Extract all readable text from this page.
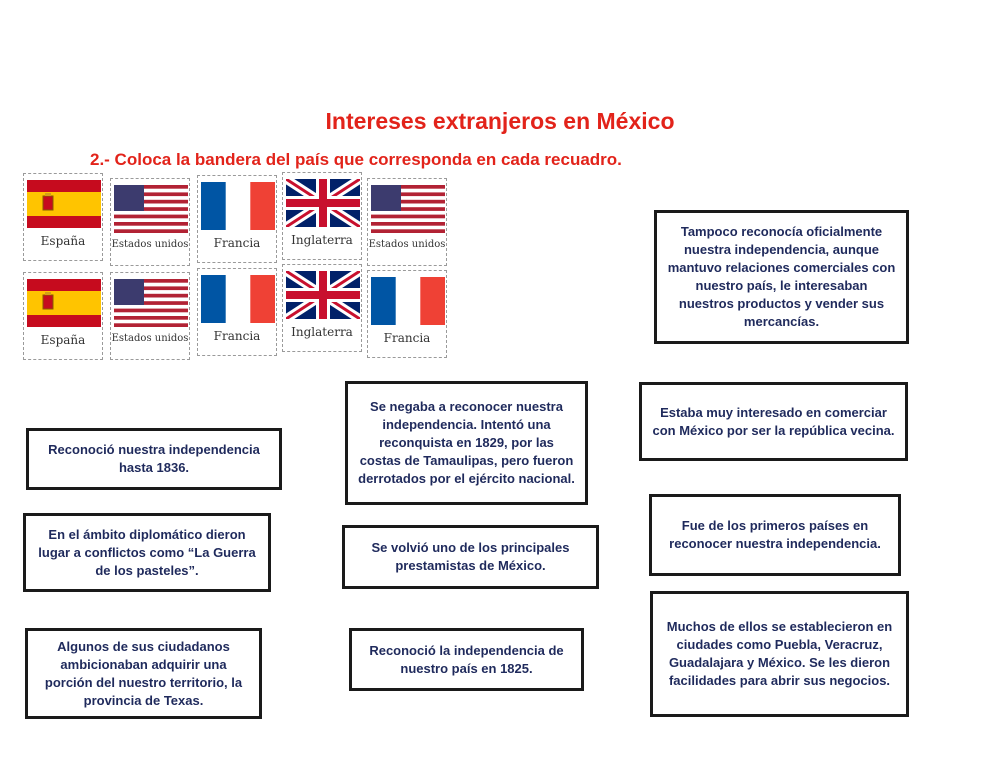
Intereses extranjeros en México
2.- Coloca la bandera del país que corresponda en cada recuadro.
España	Estados unidos	Francia	Inglaterra	Estados unidos
España	Estados unidos	Francia	Inglaterra	Francia
Tampoco reconocía oficialmente nuestra independencia, aunque mantuvo relaciones comerciales con nuestro país, le interesaban nuestros productos y vender sus mercancías.
Se negaba a reconocer nuestra independencia. Intentó una reconquista en 1829, por las costas de Tamaulipas, pero fueron derrotados por el ejército nacional.
Estaba muy interesado en comerciar con México por ser la república vecina.
Reconoció nuestra independencia hasta 1836.
En el ámbito diplomático dieron lugar a conflictos como “La Guerra de los pasteles”.
Se volvió uno de los principales prestamistas de México.
Fue de los primeros países en reconocer nuestra independencia.
Algunos de sus ciudadanos ambicionaban adquirir una porción del nuestro territorio, la provincia de Texas.
Reconoció la independencia de nuestro país en 1825.
Muchos de ellos se establecieron en ciudades como Puebla, Veracruz, Guadalajara y México. Se les dieron facilidades para abrir sus negocios.
